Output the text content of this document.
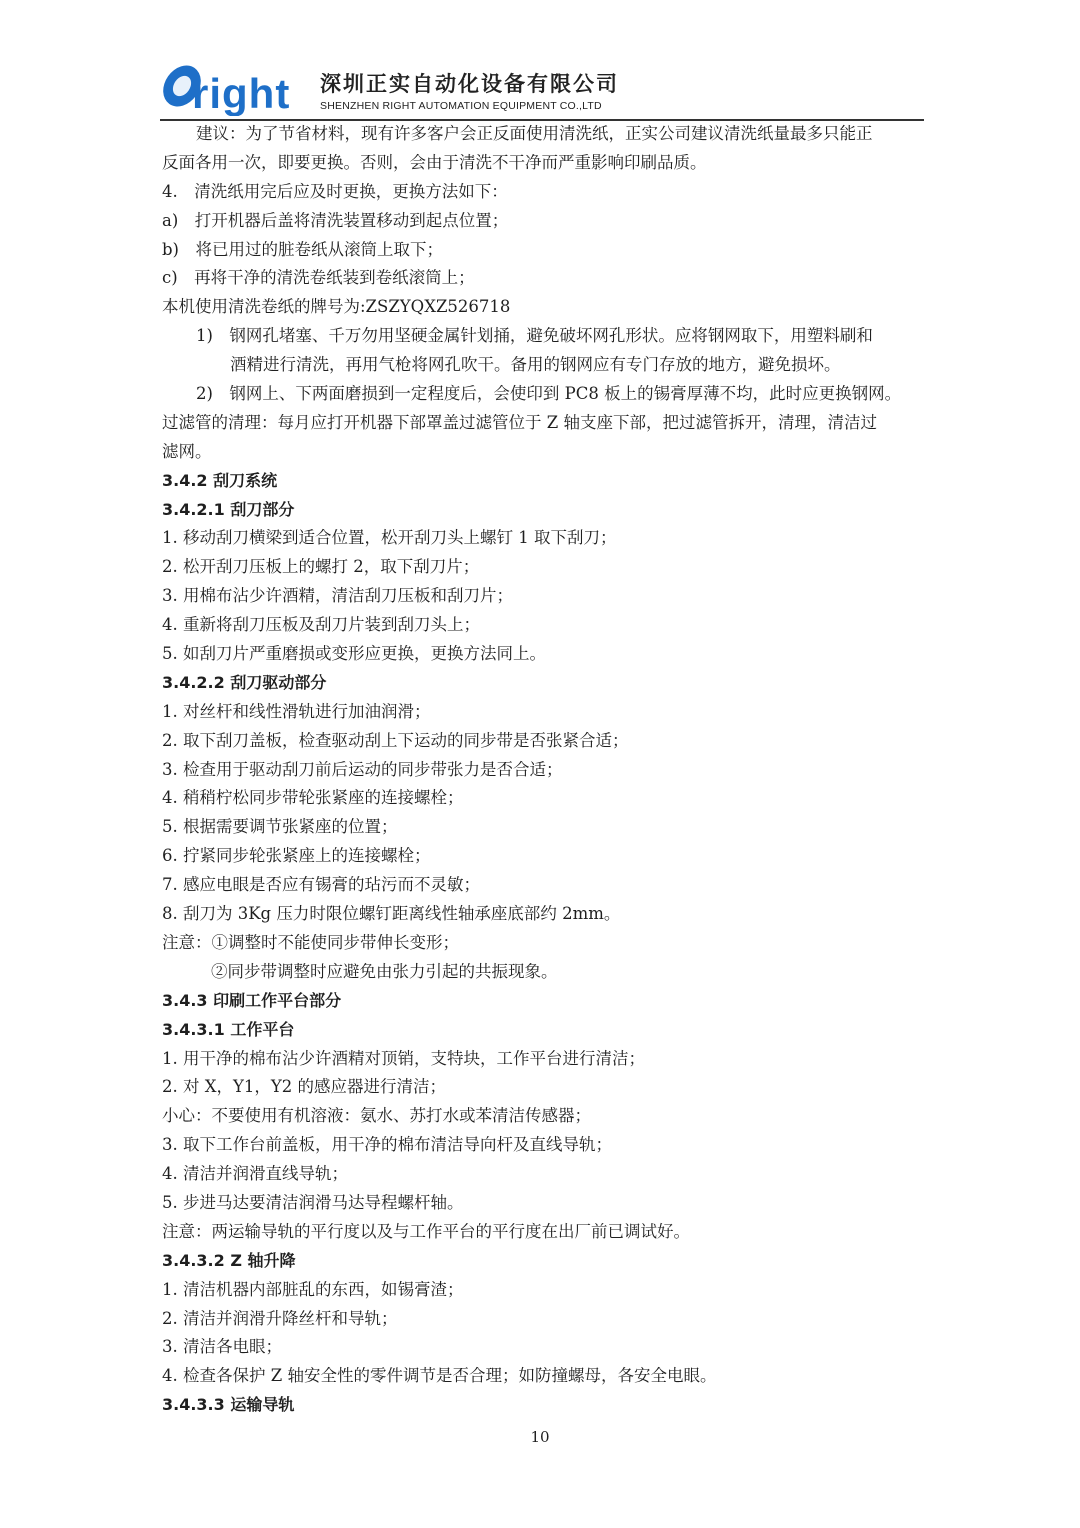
right 深圳正实自动化设备有限公司
SHENZHEN RIGHT AUTOMATION EQUIPMENT CO.,LTD
建议：为了节省材料，现有许多客户会正反面使用清洗纸，正实公司建议清洗纸量最多只能正
反面各用一次，即要更换。否则，会由于清洗不干净而严重影响印刷品质。
4.　清洗纸用完后应及时更换，更换方法如下：
a)　打开机器后盖将清洗装置移动到起点位置；
b)　将已用过的脏卷纸从滚筒上取下；
c)　再将干净的清洗卷纸装到卷纸滚筒上；
本机使用清洗卷纸的牌号为:ZSZYQXZ526718
1)　钢网孔堵塞、千万勿用坚硬金属针划捅，避免破坏网孔形状。应将钢网取下，用塑料刷和
酒精进行清洗，再用气枪将网孔吹干。备用的钢网应有专门存放的地方，避免损坏。
2)　钢网上、下两面磨损到一定程度后，会使印到 PC8 板上的锡膏厚薄不均，此时应更换钢网。
过滤管的清理：每月应打开机器下部罩盖过滤管位于 Z 轴支座下部，把过滤管拆开，清理，清洁过
滤网。
3.4.2 刮刀系统
3.4.2.1 刮刀部分
1. 移动刮刀横梁到适合位置，松开刮刀头上螺钉 1 取下刮刀；
2. 松开刮刀压板上的螺打 2，取下刮刀片；
3. 用棉布沾少许酒精，清洁刮刀压板和刮刀片；
4. 重新将刮刀压板及刮刀片装到刮刀头上；
5. 如刮刀片严重磨损或变形应更换，更换方法同上。
3.4.2.2 刮刀驱动部分
1. 对丝杆和线性滑轨进行加油润滑；
2. 取下刮刀盖板，检查驱动刮上下运动的同步带是否张紧合适；
3. 检查用于驱动刮刀前后运动的同步带张力是否合适；
4. 稍稍柠松同步带轮张紧座的连接螺栓；
5. 根据需要调节张紧座的位置；
6. 拧紧同步轮张紧座上的连接螺栓；
7. 感应电眼是否应有锡膏的玷污而不灵敏；
8. 刮刀为 3Kg 压力时限位螺钉距离线性轴承座底部约 2mm。
注意：①调整时不能使同步带伸长变形；
②同步带调整时应避免由张力引起的共振现象。
3.4.3 印刷工作平台部分
3.4.3.1 工作平台
1. 用干净的棉布沾少许酒精对顶销，支特块，工作平台进行清洁；
2. 对 X，Y1，Y2 的感应器进行清洁；
小心：不要使用有机溶液：氨水、苏打水或苯清洁传感器；
3. 取下工作台前盖板，用干净的棉布清洁导向杆及直线导轨；
4. 清洁并润滑直线导轨；
5. 步进马达要清洁润滑马达导程螺杆轴。
注意：两运输导轨的平行度以及与工作平台的平行度在出厂前已调试好。
3.4.3.2 Z 轴升降
1. 清洁机器内部脏乱的东西，如锡膏渣；
2. 清洁并润滑升降丝杆和导轨；
3. 清洁各电眼；
4. 检查各保护 Z 轴安全性的零件调节是否合理；如防撞螺母，各安全电眼。
3.4.3.3 运输导轨
10
